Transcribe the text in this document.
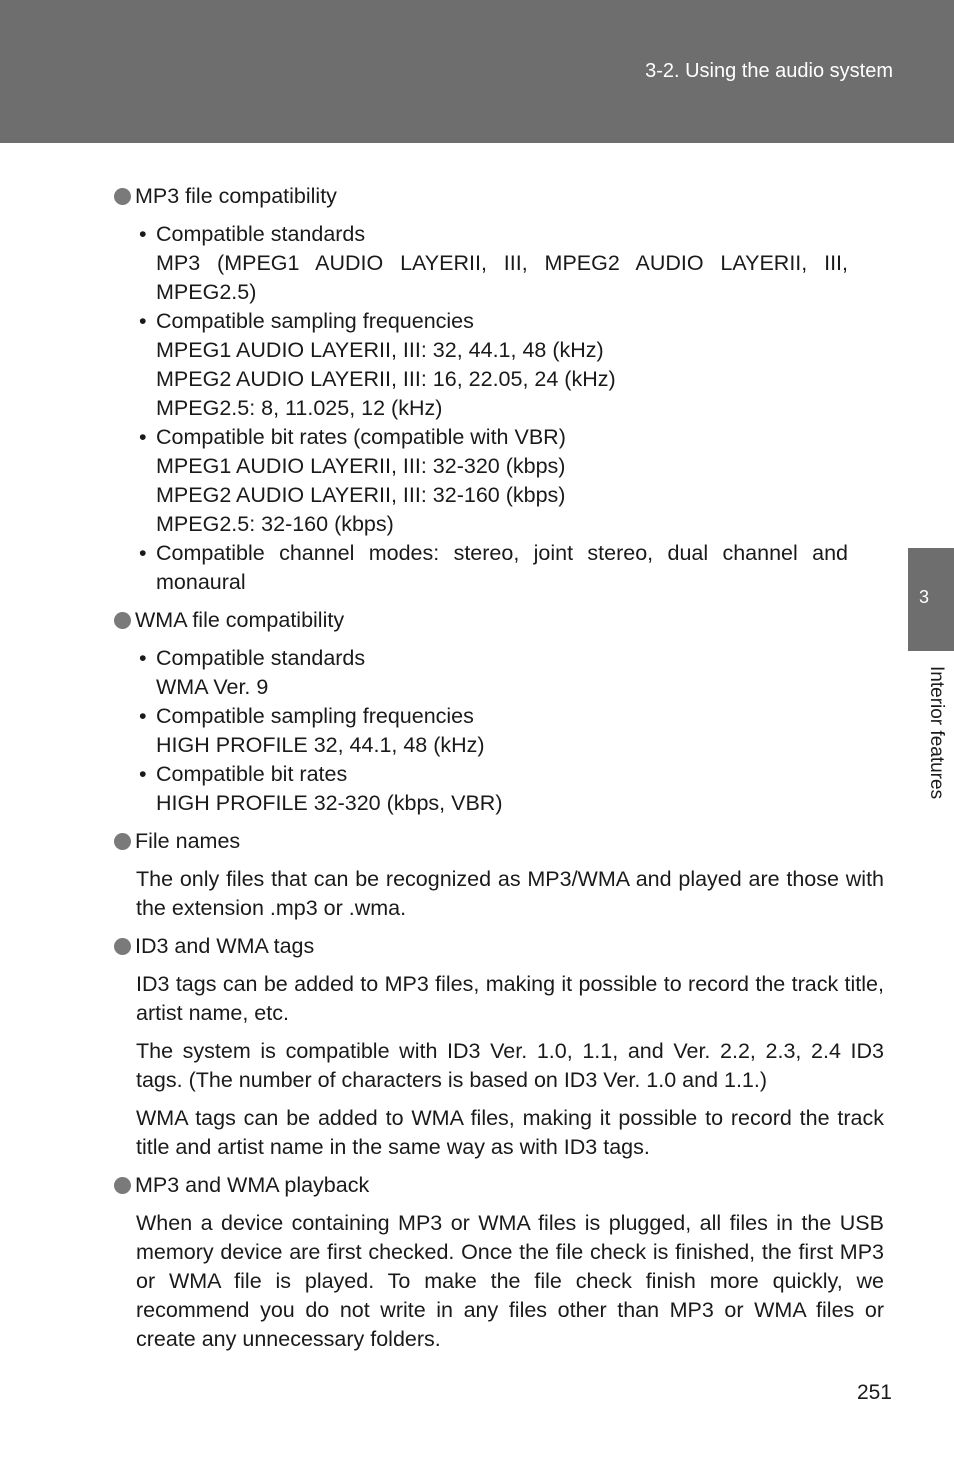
3-2. Using the audio system
3
Interior features
MP3 file compatibility
• Compatible standards
MP3 (MPEG1 AUDIO LAYERII, III, MPEG2 AUDIO LAYERII, III, MPEG2.5)
• Compatible sampling frequencies
MPEG1 AUDIO LAYERII, III: 32, 44.1, 48 (kHz)
MPEG2 AUDIO LAYERII, III: 16, 22.05, 24 (kHz)
MPEG2.5: 8, 11.025, 12 (kHz)
• Compatible bit rates (compatible with VBR)
MPEG1 AUDIO LAYERII, III: 32-320 (kbps)
MPEG2 AUDIO LAYERII, III: 32-160 (kbps)
MPEG2.5: 32-160 (kbps)
• Compatible channel modes: stereo, joint stereo, dual channel and monaural
WMA file compatibility
• Compatible standards
WMA Ver. 9
• Compatible sampling frequencies
HIGH PROFILE 32, 44.1, 48 (kHz)
• Compatible bit rates
HIGH PROFILE 32-320 (kbps, VBR)
File names

The only files that can be recognized as MP3/WMA and played are those with the extension .mp3 or .wma.

ID3 and WMA tags

ID3 tags can be added to MP3 files, making it possible to record the track title, artist name, etc.

The system is compatible with ID3 Ver. 1.0, 1.1, and Ver. 2.2, 2.3, 2.4 ID3 tags. (The number of characters is based on ID3 Ver. 1.0 and 1.1.)

WMA tags can be added to WMA files, making it possible to record the track title and artist name in the same way as with ID3 tags.

MP3 and WMA playback

When a device containing MP3 or WMA files is plugged, all files in the USB memory device are first checked. Once the file check is finished, the first MP3 or WMA file is played. To make the file check finish more quickly, we recommend you do not write in any files other than MP3 or WMA files or create any unnecessary folders.

251
